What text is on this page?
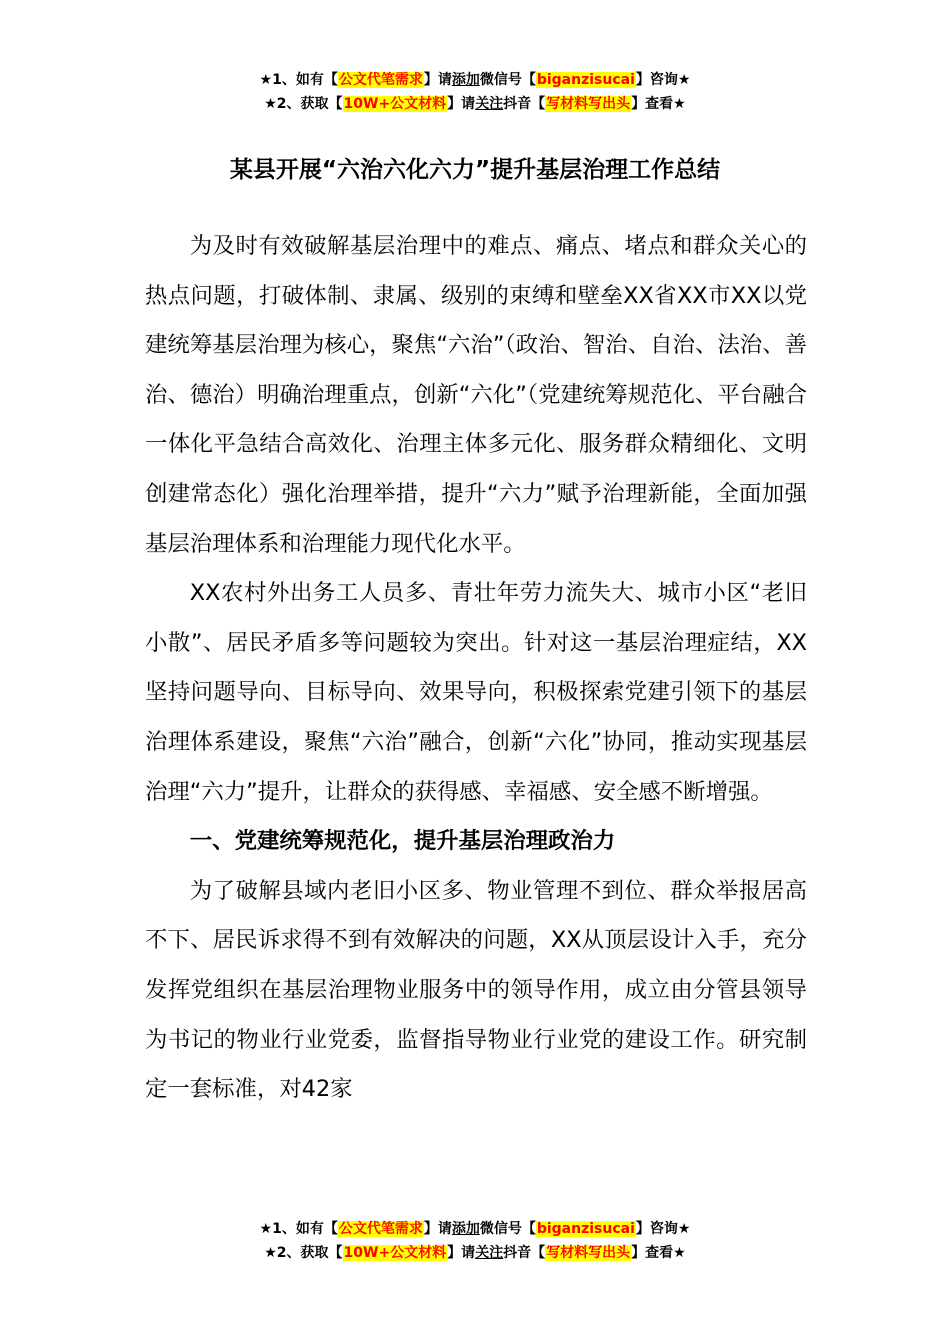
★1、如有【公文代笔需求】请添加微信号【biganzisucai】咨询★
★2、获取【10W+公文材料】请关注抖音【写材料写出头】查看★
某县开展“六治六化六力”提升基层治理工作总结

为及时有效破解基层治理中的难点、痛点、堵点和群众关心的热点问题，打破体制、隶属、级别的束缚和壁垒XX省XX市XX以党建统筹基层治理为核心，聚焦“六治”（政治、智治、自治、法治、善治、德治）明确治理重点，创新“六化”（党建统筹规范化、平台融合一体化平急结合高效化、治理主体多元化、服务群众精细化、文明创建常态化）强化治理举措，提升“六力”赋予治理新能，全面加强基层治理体系和治理能力现代化水平。

XX农村外出务工人员多、青壮年劳力流失大、城市小区“老旧小散”、居民矛盾多等问题较为突出。针对这一基层治理症结，XX坚持问题导向、目标导向、效果导向，积极探索党建引领下的基层治理体系建设，聚焦“六治”融合，创新“六化”协同，推动实现基层治理“六力”提升，让群众的获得感、幸福感、安全感不断增强。

一、党建统筹规范化，提升基层治理政治力

为了破解县域内老旧小区多、物业管理不到位、群众举报居高不下、居民诉求得不到有效解决的问题，XX从顶层设计入手，充分发挥党组织在基层治理物业服务中的领导作用，成立由分管县领导为书记的物业行业党委，监督指导物业行业党的建设工作。研究制定一套标准，对42家

★1、如有【公文代笔需求】请添加微信号【biganzisucai】咨询★
★2、获取【10W+公文材料】请关注抖音【写材料写出头】查看★
